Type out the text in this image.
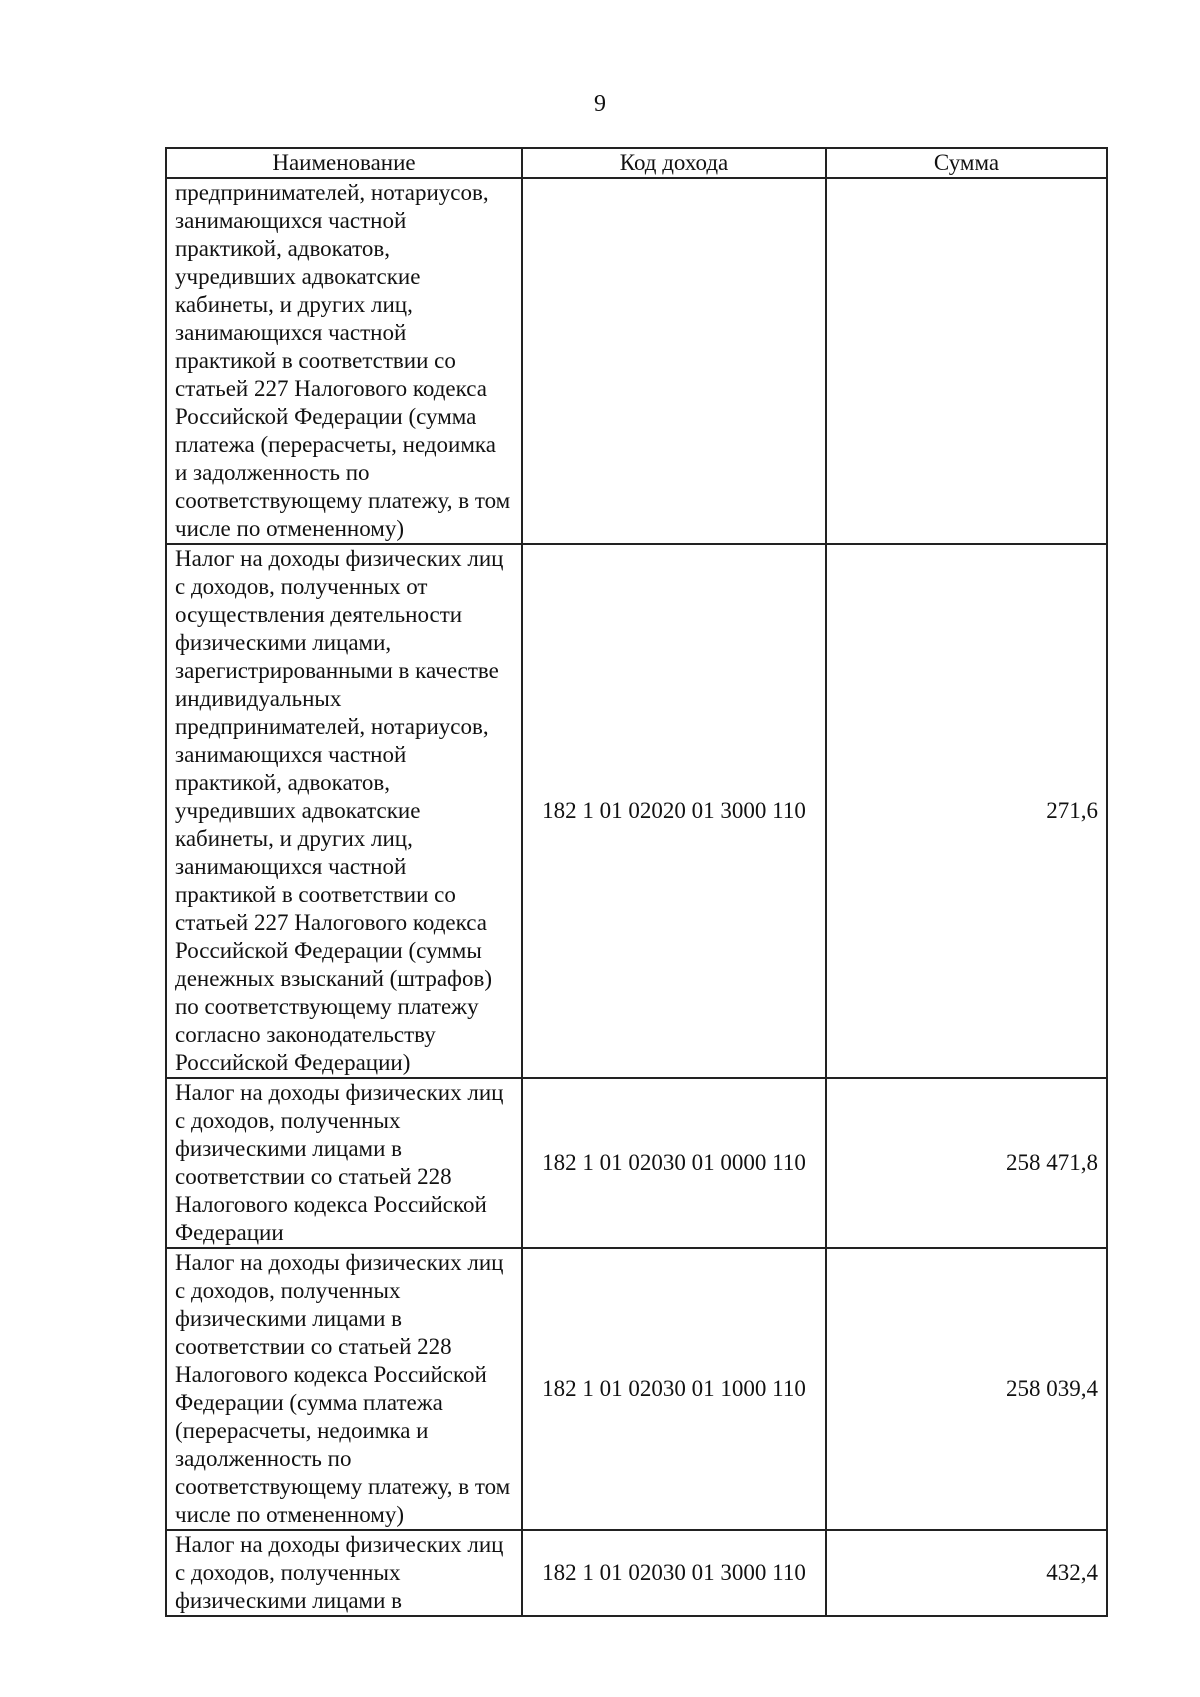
9
Наименование	Код дохода	Сумма
предпринимателей, нотариусов, занимающихся частной практикой, адвокатов, учредивших адвокатские кабинеты, и других лиц, занимающихся частной практикой в соответствии со статьей 227 Налогового кодекса Российской Федерации (сумма платежа (перерасчеты, недоимка и задолженность по соответствующему платежу, в том числе по отмененному)		
Налог на доходы физических лиц с доходов, полученных от осуществления деятельности физическими лицами, зарегистрированными в качестве индивидуальных предпринимателей, нотариусов, занимающихся частной практикой, адвокатов, учредивших адвокатские кабинеты, и других лиц, занимающихся частной практикой в соответствии со статьей 227 Налогового кодекса Российской Федерации (суммы денежных взысканий (штрафов) по соответствующему платежу согласно законодательству Российской Федерации)	182 1 01 02020 01 3000 110	271,6
Налог на доходы физических лиц с доходов, полученных физическими лицами в соответствии со статьей 228 Налогового кодекса Российской Федерации	182 1 01 02030 01 0000 110	258 471,8
Налог на доходы физических лиц с доходов, полученных физическими лицами в соответствии со статьей 228 Налогового кодекса Российской Федерации (сумма платежа (перерасчеты, недоимка и задолженность по соответствующему платежу, в том числе по отмененному)	182 1 01 02030 01 1000 110	258 039,4
Налог на доходы физических лиц с доходов, полученных физическими лицами в	182 1 01 02030 01 3000 110	432,4
